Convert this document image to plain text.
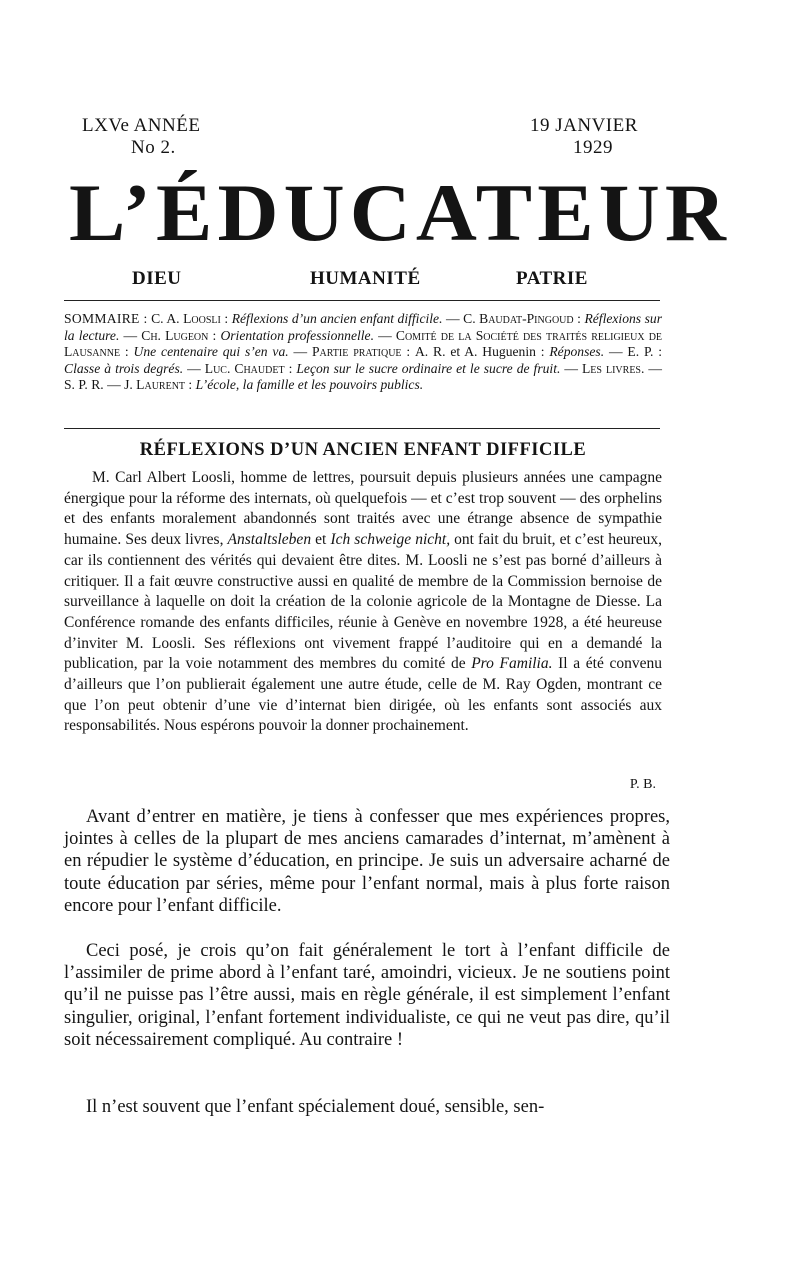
LXVe ANNÉE
No 2.
19 JANVIER
1929
L’ÉDUCATEUR
DIEU	HUMANITÉ	PATRIE
SOMMAIRE : C. A. Loosli : Réflexions d’un ancien enfant difficile. — C. Baudat-Pingoud : Réflexions sur la lecture. — Ch. Lugeon : Orientation professionnelle. — Comité de la Société des traités religieux de Lausanne : Une centenaire qui s’en va. — Partie pratique : A. R. et A. Huguenin : Réponses. — E. P. : Classe à trois degrés. — Luc. Chaudet : Leçon sur le sucre ordinaire et le sucre de fruit. — Les livres. — S. P. R. — J. Laurent : L’école, la famille et les pouvoirs publics.
RÉFLEXIONS D’UN ANCIEN ENFANT DIFFICILE
M. Carl Albert Loosli, homme de lettres, poursuit depuis plusieurs années une campagne énergique pour la réforme des internats, où quelquefois — et c’est trop souvent — des orphelins et des enfants moralement abandonnés sont traités avec une étrange absence de sympathie humaine. Ses deux livres, Anstaltsleben et Ich schweige nicht, ont fait du bruit, et c’est heureux, car ils contiennent des vérités qui devaient être dites. M. Loosli ne s’est pas borné d’ailleurs à critiquer. Il a fait œuvre constructive aussi en qualité de membre de la Commission bernoise de surveillance à laquelle on doit la création de la colonie agricole de la Montagne de Diesse. La Conférence romande des enfants difficiles, réunie à Genève en novembre 1928, a été heureuse d’inviter M. Loosli. Ses réflexions ont vivement frappé l’auditoire qui en a demandé la publication, par la voie notamment des membres du comité de Pro Familia. Il a été convenu d’ailleurs que l’on publierait également une autre étude, celle de M. Ray Ogden, montrant ce que l’on peut obtenir d’une vie d’internat bien dirigée, où les enfants sont associés aux responsabilités. Nous espérons pouvoir la donner prochainement.
P. B.
Avant d’entrer en matière, je tiens à confesser que mes expériences propres, jointes à celles de la plupart de mes anciens camarades d’internat, m’amènent à en répudier le système d’éducation, en principe. Je suis un adversaire acharné de toute éducation par séries, même pour l’enfant normal, mais à plus forte raison encore pour l’enfant difficile.
Ceci posé, je crois qu’on fait généralement le tort à l’enfant difficile de l’assimiler de prime abord à l’enfant taré, amoindri, vicieux. Je ne soutiens point qu’il ne puisse pas l’être aussi, mais en règle générale, il est simplement l’enfant singulier, original, l’enfant fortement individualiste, ce qui ne veut pas dire, qu’il soit nécessairement compliqué. Au contraire !
Il n’est souvent que l’enfant spécialement doué, sensible, sen-
